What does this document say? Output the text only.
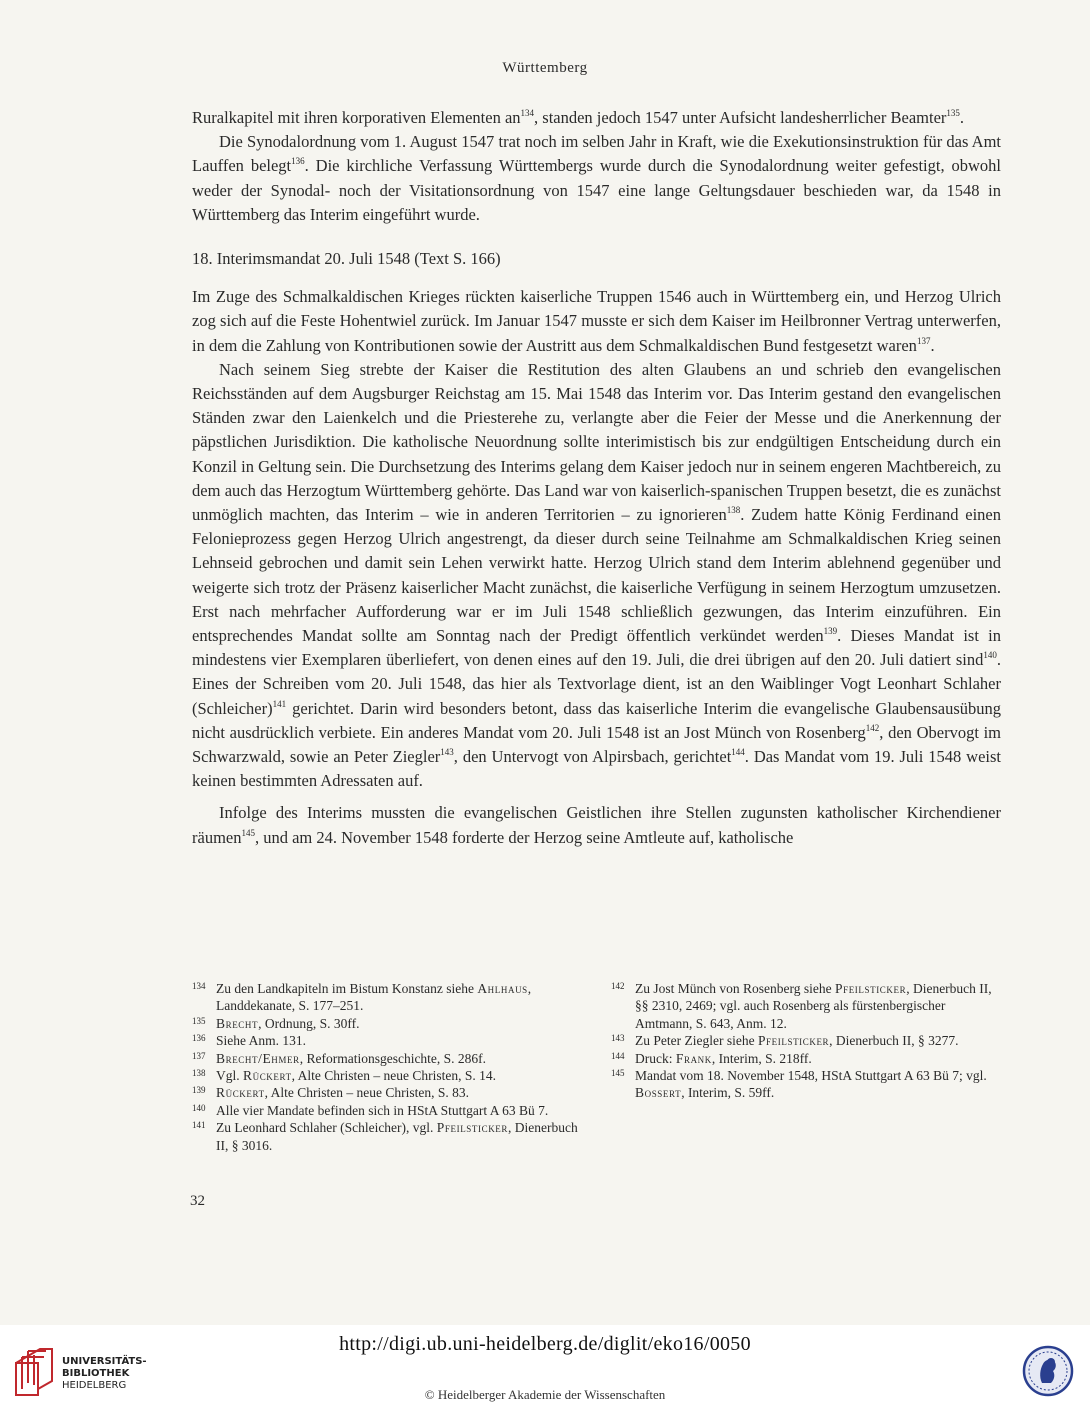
Württemberg

Ruralkapitel mit ihren korporativen Elementen $an^{134}$, standen jedoch 1547 unter Aufsicht landesherrlicher Beamter$^{135}$.

Die Synodalordnung vom 1. August 1547 trat noch im selben Jahr in Kraft, wie die Exekutionsinstruktion für das Amt Lauffen belegt$^{136}$. Die kirchliche Verfassung Württembergs wurde durch die Synodalordnung weiter gefestigt, obwohl weder der Synodal- noch der Visitationsordnung von 1547 eine lange Geltungsdauer beschieden war, da 1548 in Württemberg das Interim eingeführt wurde.

18. Interimsmandat 20. Juli 1548 (Text S. 166)

Im Zuge des Schmalkaldischen Krieges rückten kaiserliche Truppen 1546 auch in Württemberg ein, und Herzog Ulrich zog sich auf die Feste Hohentwiel zurück. Im Januar 1547 musste er sich dem Kaiser im Heilbronner Vertrag unterwerfen, in dem die Zahlung von Kontributionen sowie der Austritt aus dem Schmalkaldischen Bund festgesetzt waren$^{137}$.

Nach seinem Sieg strebte der Kaiser die Restitution des alten Glaubens an und schrieb den evangelischen Reichsständen auf dem Augsburger Reichstag am 15. Mai 1548 das Interim vor. Das Interim gestand den evangelischen Ständen zwar den Laienkelch und die Priesterehe zu, verlangte aber die Feier der Messe und die Anerkennung der päpstlichen Jurisdiktion. Die katholische Neuordnung sollte interimistisch bis zur endgültigen Entscheidung durch ein Konzil in Geltung sein. Die Durchsetzung des Interims gelang dem Kaiser jedoch nur in seinem engeren Machtbereich, zu dem auch das Herzogtum Württemberg gehörte. Das Land war von kaiserlich-spanischen Truppen besetzt, die es zunächst unmöglich machten, das Interim – wie in anderen Territorien – zu ignorieren$^{138}$. Zudem hatte König Ferdinand einen Felonieprozess gegen Herzog Ulrich angestrengt, da dieser durch seine Teilnahme am Schmalkaldischen Krieg seinen Lehnseid gebrochen und damit sein Lehen verwirkt hatte. Herzog Ulrich stand dem Interim ablehnend gegenüber und weigerte sich trotz der Präsenz kaiserlicher Macht zunächst, die kaiserliche Verfügung in seinem Herzogtum umzusetzen. Erst nach mehrfacher Aufforderung war er im Juli 1548 schließlich gezwungen, das Interim einzuführen. Ein entsprechendes Mandat sollte am Sonntag nach der Predigt öffentlich verkündet werden$^{139}$. Dieses Mandat ist in mindestens vier Exemplaren überliefert, von denen eines auf den 19. Juli, die drei übrigen auf den 20. Juli datiert sind$^{140}$. Eines der Schreiben vom 20. Juli 1548, das hier als Textvorlage dient, ist an den Waiblinger Vogt Leonhart Schlaher (Schleicher)$^{141}$ gerichtet. Darin wird besonders betont, dass das kaiserliche Interim die evangelische Glaubensausübung nicht ausdrücklich verbiete. Ein anderes Mandat vom 20. Juli 1548 ist an Jost Münch von Rosenberg$^{142}$, den Obervogt im Schwarzwald, sowie an Peter Ziegler$^{143}$, den Untervogt von Alpirsbach, gerichtet$^{144}$. Das Mandat vom 19. Juli 1548 weist keinen bestimmten Adressaten auf.

Infolge des Interims mussten die evangelischen Geistlichen ihre Stellen zugunsten katholischer Kirchendiener räumen$^{145}$, und am 24. November 1548 forderte der Herzog seine Amtleute auf, katholische

134 Zu den Landkapiteln im Bistum Konstanz siehe Ahlhaus, Landdekanate, S. 177–251.
135 Brecht, Ordnung, S. 30ff.
136 Siehe Anm. 131.
137 Brecht/Ehmer, Reformationsgeschichte, S. 286f.
138 Vgl. Rückert, Alte Christen – neue Christen, S. 14.
139 Rückert, Alte Christen – neue Christen, S. 83.
140 Alle vier Mandate befinden sich in HStA Stuttgart A 63 Bü 7.
141 Zu Leonhard Schlaher (Schleicher), vgl. Pfeilsticker, Dienerbuch II, § 3016.
142 Zu Jost Münch von Rosenberg siehe Pfeilsticker, Dienerbuch II, §§ 2310, 2469; vgl. auch Rosenberg als fürstenbergischer Amtmann, S. 643, Anm. 12.
143 Zu Peter Ziegler siehe Pfeilsticker, Dienerbuch II, § 3277.
144 Druck: Frank, Interim, S. 218ff.
145 Mandat vom 18. November 1548, HStA Stuttgart A 63 Bü 7; vgl. Bossert, Interim, S. 59ff.
32
UNIVERSITÄTS-
BIBLIOTHEK
HEIDELBERG
http://digi.ub.uni-heidelberg.de/diglit/eko16/0050
© Heidelberger Akademie der Wissenschaften
